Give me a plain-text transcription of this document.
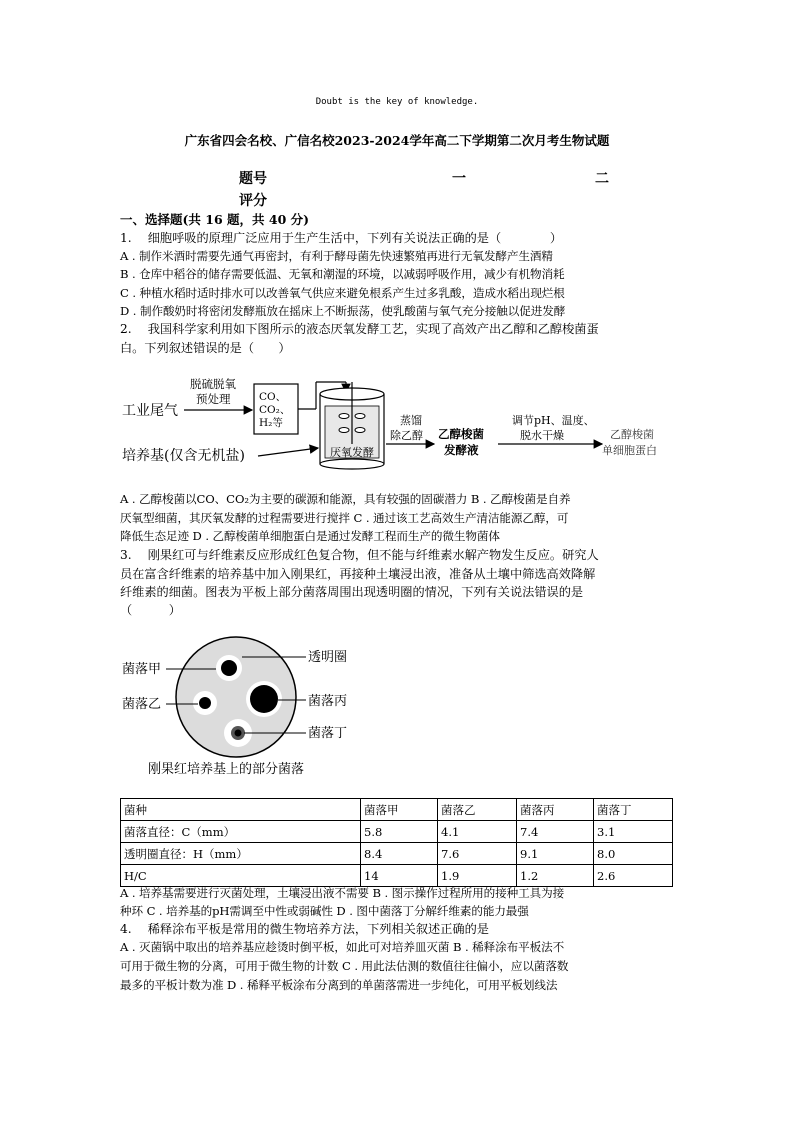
Doubt is the key of knowledge.
广东省四会名校、广信名校2023-2024学年高二下学期第二次月考生物试题
题号	一	二
评分
一、选择题(共 16 题，共 40 分)
1.　 细胞呼吸的原理广泛应用于生产生活中，下列有关说法正确的是（　　　　）
A . 制作米酒时需要先通气再密封，有利于酵母菌先快速繁殖再进行无氧发酵产生酒精
B . 仓库中稻谷的储存需要低温、无氧和潮湿的环境，以减弱呼吸作用，减少有机物消耗
C . 种植水稻时适时排水可以改善氧气供应来避免根系产生过多乳酸，造成水稻出现烂根
D . 制作酸奶时将密闭发酵瓶放在摇床上不断振荡，使乳酸菌与氧气充分接触以促进发酵
2.　 我国科学家利用如下图所示的液态厌氧发酵工艺，实现了高效产出乙醇和乙醇梭菌蛋
白。下列叙述错误的是（　　）
工业尾气
脱硫脱氧
预处理	CO、
CO₂、
H₂等
厌氧发酵
培养基(仅含无机盐)
蒸馏
除乙醇 乙醇梭菌
发酵液
调节pH、温度、
脱水干燥	乙醇梭菌
单细胞蛋白
A . 乙醇梭菌以CO、CO₂为主要的碳源和能源，具有较强的固碳潜力 B . 乙醇梭菌是自养
厌氧型细菌，其厌氧发酵的过程需要进行搅拌 C . 通过该工艺高效生产清洁能源乙醇，可
降低生态足迹 D . 乙醇梭菌单细胞蛋白是通过发酵工程而生产的微生物菌体
3.　 刚果红可与纤维素反应形成红色复合物，但不能与纤维素水解产物发生反应。研究人
员在富含纤维素的培养基中加入刚果红，再接种土壤浸出液，准备从土壤中筛选高效降解
纤维素的细菌。图表为平板上部分菌落周围出现透明圈的情况，下列有关说法错误的是
（　　　）
菌落甲
菌落乙
透明圈
菌落丙
菌落丁
刚果红培养基上的部分菌落
菌种	菌落甲	菌落乙	菌落丙	菌落丁
菌落直径：C（mm）	5.8	4.1	7.4	3.1
透明圈直径：H（mm）	8.4	7.6	9.1	8.0
H/C	14	1.9	1.2	2.6
A . 培养基需要进行灭菌处理，土壤浸出液不需要 B . 图示操作过程所用的接种工具为接
种环 C . 培养基的pH需调至中性或弱碱性 D . 图中菌落丁分解纤维素的能力最强
4.　 稀释涂布平板是常用的微生物培养方法，下列相关叙述正确的是
A . 灭菌锅中取出的培养基应趁烫时倒平板，如此可对培养皿灭菌 B . 稀释涂布平板法不
可用于微生物的分离，可用于微生物的计数 C . 用此法估测的数值往往偏小，应以菌落数
最多的平板计数为准 D . 稀释平板涂布分离到的单菌落需进一步纯化，可用平板划线法
